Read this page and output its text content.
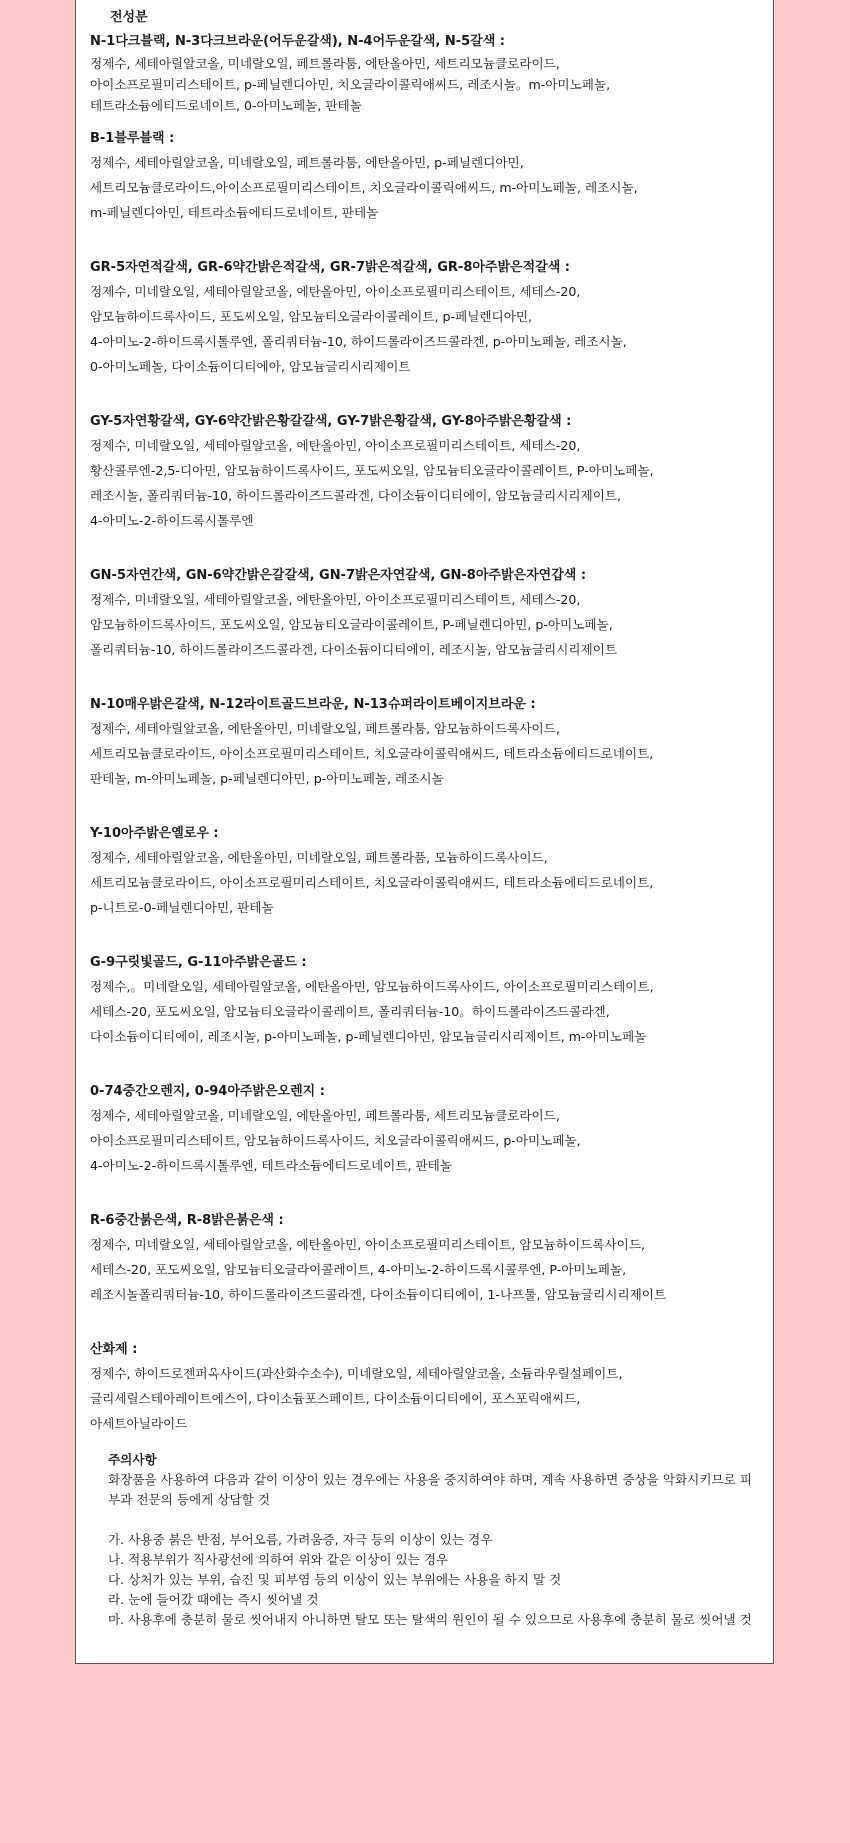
전성분
N-1다크블랙, N-3다크브라운(어두운갈색), N-4어두운갈색, N-5갈색 :
정제수, 세테아릴알코올, 미네랄오일, 페트롤라툼, 에탄올아민, 세트리모늄클로라이드,
아이소프로필미리스테이트, p-페닐렌디아민, 치오글라이콜릭애씨드, 레조시놀。m-아미노페놀,
테트라소듐에티드로네이트, 0-아미노페놀, 판테놀
B-1블루블랙 :
정제수, 세테아릴알코올, 미네랄오일, 페트롤라툼, 에탄올아민, p-페닐렌디아민,
세트리모늄클로라이드,아이소프로필미리스테이트, 치오글라이콜릭애씨드, m-아미노페놀, 레조시놀,
m-페닐렌디아민, 테트라소듐에티드로네이트, 판테놀
GR-5자연적갈색, GR-6약간밝은적갈색, GR-7밝은적갈색, GR-8아주밝은적갈색 :
정제수, 미네랄오일, 세테아릴알코올, 에탄올아민, 아이소프로필미리스테이트, 세테스-20,
암모늄하이드록사이드, 포도씨오일, 암모늄티오글라이콜레이트, p-페닐렌디아민,
4-아미노-2-하이드록시톨루엔, 폴리쿼터늄-10, 하이드롤라이즈드콜라겐, p-아미노페놀, 레조시놀,
0-아미노페놀, 다이소듐이디티에아, 암모늄글리시리제이트
GY-5자연황갈색, GY-6약간밝은황갈갈색, GY-7밝은황갈색, GY-8아주밝은황갈색 :
정제수, 미네랄오일, 세테아릴알코올, 에탄올아민, 아이소프로필미리스테이트, 세테스-20,
황산콜루엔-2,5-디아민, 암모늄하이드록사이드, 포도씨오일, 암모늄티오글라이콜레이트, P-아미노페놀,
레조시놀, 폴리쿼터늄-10, 하이드롤라이즈드콜라겐, 다이소듐이디티에이, 암모늄글리시리제이트,
4-아미노-2-하이드록시톨루엔
GN-5자연간색, GN-6약간밝은갈갈색, GN-7밝은자연갈색, GN-8아주밝은자연갑색 :
정제수, 미네랄오일, 세테아릴알코올, 에탄올아민, 아이소프로필미리스테이트, 세테스-20,
암모늄하이드록사이드, 포도씨오일, 암모늄티오글라이콜레이트, P-페닐렌디아민, p-아미노페놀,
폴리쿼터늄-10, 하이드롤라이즈드콜라겐, 다이소듐이디티에이, 레조시놀, 암모늄글리시리제이트
N-10매우밝은갈색, N-12라이트골드브라운, N-13슈퍼라이트베이지브라운 :
정제수, 세테아릴알코올, 에탄올아민, 미네랄오일, 페트롤라툼, 암모늄하이드록사이드,
세트리모늄클로라이드, 아이소프로필미리스테이트, 치오글라이콜릭애씨드, 테트라소듐에티드로네이트,
판테놀, m-아미노페놀, p-페닐렌디아민, p-아미노페놀, 레조시놀
Y-10아주밝은옐로우 :
정제수, 세테아릴알코올, 에탄올아민, 미네랄오일, 페트롤라품, 모늄하이드록사이드,
세트리모늄클로라이드, 아이소프로필미리스테이트, 치오글라이콜릭애씨드, 테트라소듐에티드로네이트,
p-니트로-0-페닐렌디아민, 판테놀
G-9구릿빛골드, G-11아주밝은골드 :
정제수,。미네랄오일, 세테아릴알코올, 에탄올아민, 암모늄하이드록사이드, 아이소프로필미리스테이트,
세테스-20, 포도씨오일, 암모늄티오글라이콜레이트, 폴리쿼터늄-10。하이드롤라이즈드콜라겐,
다이소듐이디티에이, 레조시놀, p-아미노페놀, p-페닐렌디아민, 암모늄글리시리제이트, m-아미노페놀
0-74중간오렌지, 0-94아주밝은오렌지 :
정제수, 세테아릴알코올, 미네랄오일, 에탄올아민, 페트롤라툼, 세트리모늄클로라이드,
아이소프로필미리스테이트, 암모늄하이드록사이드, 치오글라이콜릭애씨드, p-아미노페놀,
4-아미노-2-하이드록시톨루엔, 테트라소듐에티드로네이트, 판테놀
R-6중간붉은색, R-8밝은붉은색 :
정제수, 미네랄오일, 세테아릴알코올, 에탄올아민, 아이소프로필미리스테이트, 암모늄하이드록사이드,
세테스-20, 포도씨오일, 암모늄티오글라이콜레이트, 4-아미노-2-하이드록시콜루엔, P-아미노페놀,
레조시놀폴리쿼터늄-10, 하이드롤라이즈드콜라겐, 다이소듐이디티에이, 1-나프툴, 암모늄글리시리제이트
산화제 :
정제수, 하이드로젠퍼옥사이드(과산화수소수), 미네랄오일, 세테아릴알코올, 소듐라우릴설페이트,
글리세릴스테아레이트에스이, 다이소듐포스페이트, 다이소듐이디티에이, 포스포릭애씨드,
아세트아닐라이드
주의사항
화장품을 사용하여 다음과 같이 이상이 있는 경우에는 사용을 중지하여야 하며, 계속 사용하면 증상을 악화시키므로 피부과 전문의 등에게 상담할 것
가. 사용중 붉은 반점, 부어오름, 가려움증, 자극 등의 이상이 있는 경우
나. 적용부위가 직사광선에 의하여 위와 같은 이상이 있는 경우
다. 상처가 있는 부위, 습진 및 피부염 등의 이상이 있는 부위에는 사용을 하지 말 것
라. 눈에 들어갔 때에는 즉시 씻어낼 것
마. 사용후에 충분히 물로 씻어내지 아니하면 탈모 또는 탈색의 원인이 될 수 있으므로 사용후에 충분히 물로 씻어낼 것
